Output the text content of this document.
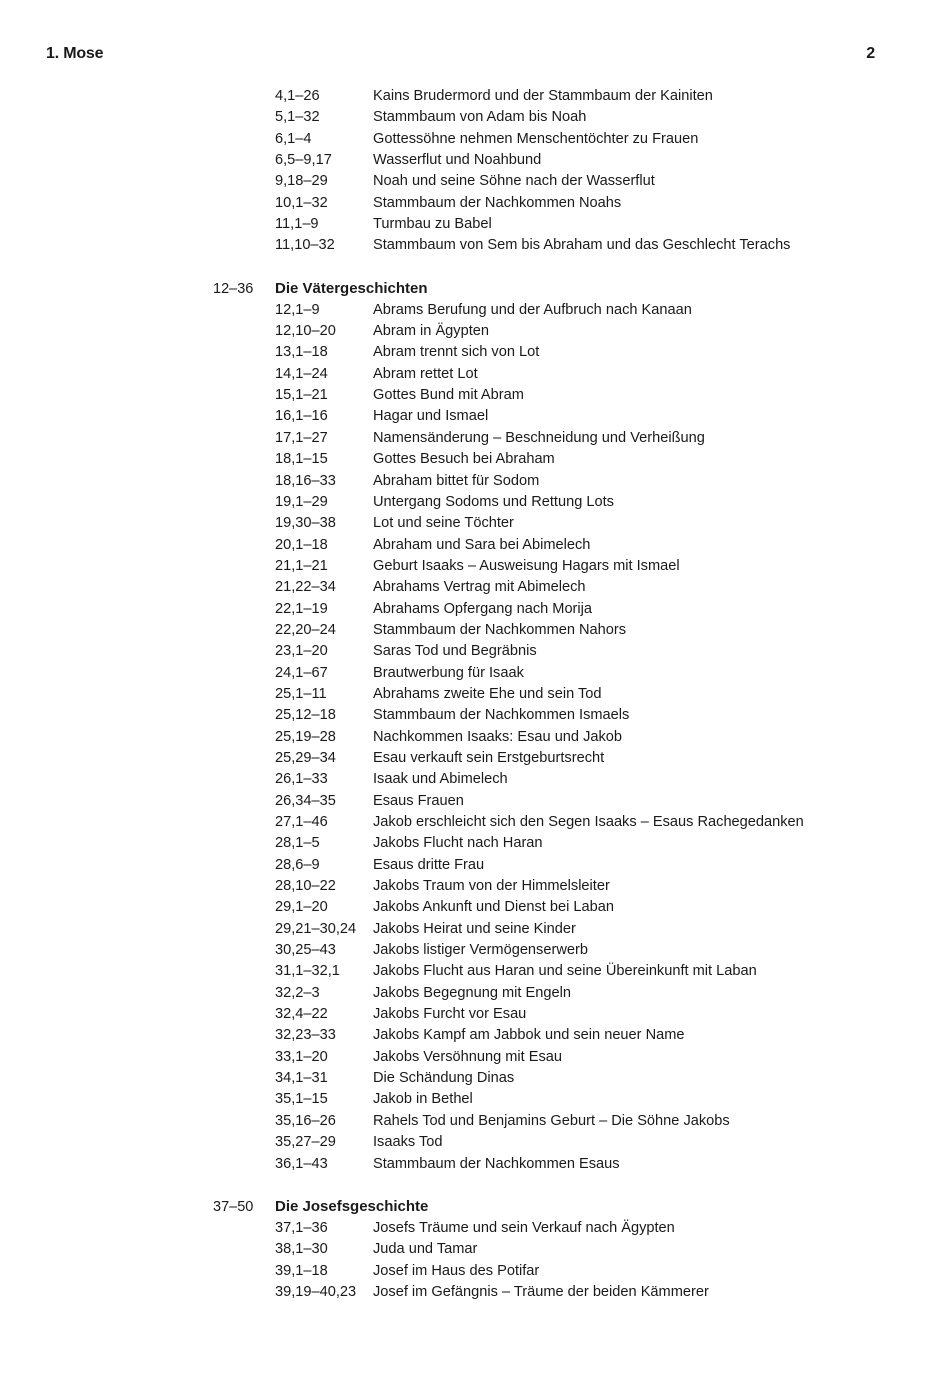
1. Mose	2
4,1–26	Kains Brudermord und der Stammbaum der Kainiten
5,1–32	Stammbaum von Adam bis Noah
6,1–4	Gottessöhne nehmen Menschentöchter zu Frauen
6,5–9,17	Wasserflut und Noahbund
9,18–29	Noah und seine Söhne nach der Wasserflut
10,1–32	Stammbaum der Nachkommen Noahs
11,1–9	Turmbau zu Babel
11,10–32	Stammbaum von Sem bis Abraham und das Geschlecht Terachs
12–36 Die Vätergeschichten
12,1–9	Abrams Berufung und der Aufbruch nach Kanaan
12,10–20	Abram in Ägypten
13,1–18	Abram trennt sich von Lot
14,1–24	Abram rettet Lot
15,1–21	Gottes Bund mit Abram
16,1–16	Hagar und Ismael
17,1–27	Namensänderung – Beschneidung und Verheißung
18,1–15	Gottes Besuch bei Abraham
18,16–33	Abraham bittet für Sodom
19,1–29	Untergang Sodoms und Rettung Lots
19,30–38	Lot und seine Töchter
20,1–18	Abraham und Sara bei Abimelech
21,1–21	Geburt Isaaks – Ausweisung Hagars mit Ismael
21,22–34	Abrahams Vertrag mit Abimelech
22,1–19	Abrahams Opfergang nach Morija
22,20–24	Stammbaum der Nachkommen Nahors
23,1–20	Saras Tod und Begräbnis
24,1–67	Brautwerbung für Isaak
25,1–11	Abrahams zweite Ehe und sein Tod
25,12–18	Stammbaum der Nachkommen Ismaels
25,19–28	Nachkommen Isaaks: Esau und Jakob
25,29–34	Esau verkauft sein Erstgeburtsrecht
26,1–33	Isaak und Abimelech
26,34–35	Esaus Frauen
27,1–46	Jakob erschleicht sich den Segen Isaaks – Esaus Rachegedanken
28,1–5	Jakobs Flucht nach Haran
28,6–9	Esaus dritte Frau
28,10–22	Jakobs Traum von der Himmelsleiter
29,1–20	Jakobs Ankunft und Dienst bei Laban
29,21–30,24 Jakobs Heirat und seine Kinder
30,25–43	Jakobs listiger Vermögenserwerb
31,1–32,1 Jakobs Flucht aus Haran und seine Übereinkunft mit Laban
32,2–3	Jakobs Begegnung mit Engeln
32,4–22	Jakobs Furcht vor Esau
32,23–33	Jakobs Kampf am Jabbok und sein neuer Name
33,1–20	Jakobs Versöhnung mit Esau
34,1–31	Die Schändung Dinas
35,1–15	Jakob in Bethel
35,16–26	Rahels Tod und Benjamins Geburt – Die Söhne Jakobs
35,27–29	Isaaks Tod
36,1–43	Stammbaum der Nachkommen Esaus
37–50 Die Josefsgeschichte
37,1–36	Josefs Träume und sein Verkauf nach Ägypten
38,1–30	Juda und Tamar
39,1–18	Josef im Haus des Potifar
39,19–40,23 Josef im Gefängnis – Träume der beiden Kämmerer
